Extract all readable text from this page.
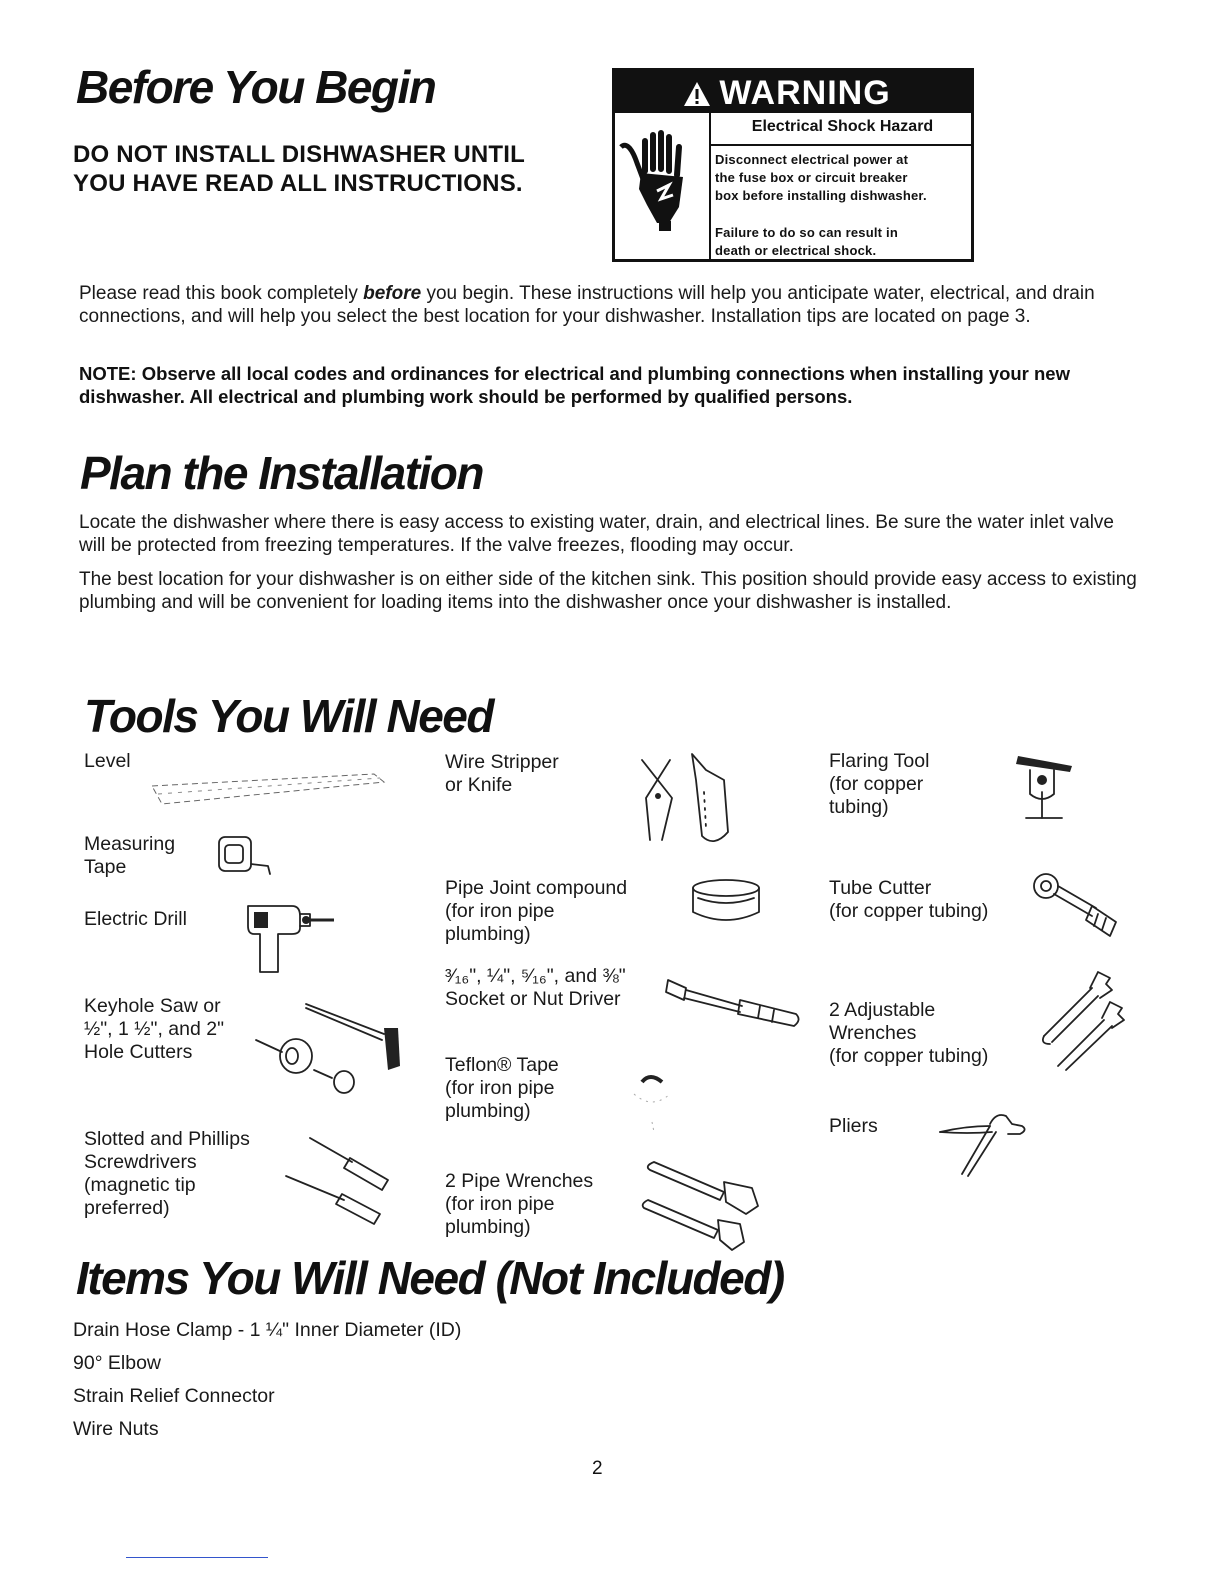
Before You Begin
DO NOT INSTALL DISHWASHER UNTIL
YOU HAVE READ ALL INSTRUCTIONS.
WARNING
Electrical Shock Hazard
Disconnect electrical power at
the fuse box or circuit breaker
box before installing dishwasher.
Failure to do so can result in
death or electrical shock.
Please read this book completely before you begin. These instructions will help you anticipate water, electrical, and drain connections, and will help you select the best location for your dishwasher. Installation tips are located on page 3.
NOTE: Observe all local codes and ordinances for electrical and plumbing connections when installing your new dishwasher. All electrical and plumbing work should be performed by qualified persons.
Plan the Installation
Locate the dishwasher where there is easy access to existing water, drain, and electrical lines. Be sure the water inlet valve will be protected from freezing temperatures. If the valve freezes, flooding may occur.
The best location for your dishwasher is on either side of the kitchen sink. This position should provide easy access to existing plumbing and will be convenient for loading items into the dishwasher once your dishwasher is installed.
Tools You Will Need
Level
Measuring
Tape
Electric Drill
Keyhole Saw or
½", 1 ½", and 2"
Hole Cutters
Slotted and Phillips
Screwdrivers
(magnetic tip
preferred)
Wire Stripper
or Knife
Pipe Joint compound
(for iron pipe
plumbing)
³⁄₁₆", ¼", ⁵⁄₁₆", and ⅜"
Socket or Nut Driver
Teflon® Tape
(for iron pipe
plumbing)
2 Pipe Wrenches
(for iron pipe
plumbing)
Flaring Tool
(for copper
tubing)
Tube Cutter
(for copper tubing)
2 Adjustable
Wrenches
(for copper tubing)
Pliers
Items You Will Need (Not Included)
Drain Hose Clamp - 1 ¼" Inner Diameter (ID)
90° Elbow
Strain Relief Connector
Wire Nuts
2
